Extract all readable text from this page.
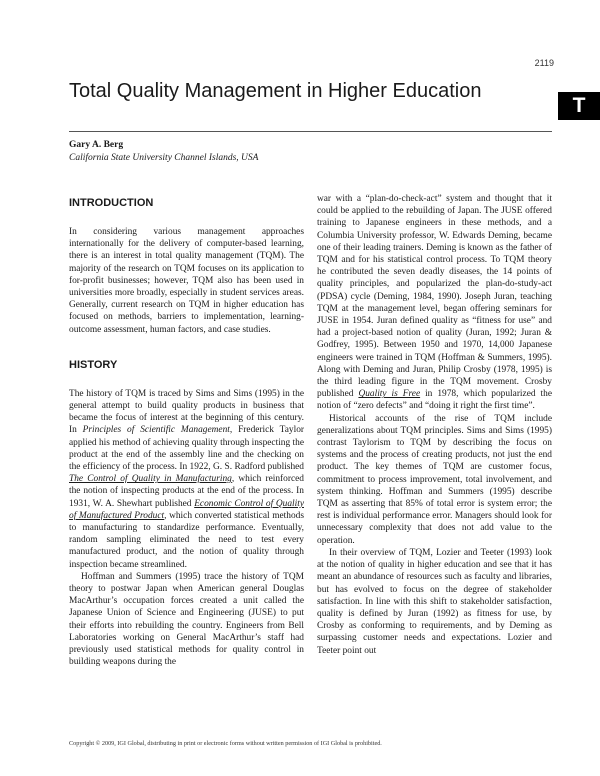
2119
T
Total Quality Management in Higher Education
Gary A. Berg
California State University Channel Islands, USA
INTRODUCTION

In considering various management approaches internationally for the delivery of computer-based learning, there is an interest in total quality management (TQM). The majority of the research on TQM focuses on its application to for-profit businesses; however, TQM also has been used in universities more broadly, especially in student services areas. Generally, current research on TQM in higher education has focused on methods, barriers to implementation, learning-outcome assessment, human factors, and case studies.

HISTORY

The history of TQM is traced by Sims and Sims (1995) in the general attempt to build quality products in business that became the focus of interest at the beginning of this century. In Principles of Scientific Management, Frederick Taylor applied his method of achieving quality through inspecting the product at the end of the assembly line and the checking on the efficiency of the process. In 1922, G. S. Radford published The Control of Quality in Manufacturing, which reinforced the notion of inspecting products at the end of the process. In 1931, W. A. Shewhart published Economic Control of Quality of Manufactured Product, which converted statistical methods to manufacturing to standardize performance. Eventually, random sampling eliminated the need to test every manufactured product, and the notion of quality through inspection became streamlined.

Hoffman and Summers (1995) trace the history of TQM theory to postwar Japan when American general Douglas MacArthur’s occupation forces created a unit called the Japanese Union of Science and Engineering (JUSE) to put their efforts into rebuilding the country. Engineers from Bell Laboratories working on General MacArthur’s staff had previously used statistical methods for quality control in building weapons during the

war with a “plan-do-check-act” system and thought that it could be applied to the rebuilding of Japan. The JUSE offered training to Japanese engineers in these methods, and a Columbia University professor, W. Edwards Deming, became one of their leading trainers. Deming is known as the father of TQM and for his statistical control process. To TQM theory he contributed the seven deadly diseases, the 14 points of quality principles, and popularized the plan-do-study-act (PDSA) cycle (Deming, 1984, 1990). Joseph Juran, teaching TQM at the management level, began offering seminars for JUSE in 1954. Juran defined quality as “fitness for use” and had a project-based notion of quality (Juran, 1992; Juran & Godfrey, 1995). Between 1950 and 1970, 14,000 Japanese engineers were trained in TQM (Hoffman & Summers, 1995). Along with Deming and Juran, Philip Crosby (1978, 1995) is the third leading figure in the TQM movement. Crosby published Quality is Free in 1978, which popularized the notion of “zero defects” and “doing it right the first time”.

Historical accounts of the rise of TQM include generalizations about TQM principles. Sims and Sims (1995) contrast Taylorism to TQM by describing the focus on systems and the process of creating products, not just the end product. The key themes of TQM are customer focus, commitment to process improvement, total involvement, and system thinking. Hoffman and Summers (1995) describe TQM as asserting that 85% of total error is system error; the rest is individual performance error. Managers should look for unnecessary complexity that does not add value to the operation.

In their overview of TQM, Lozier and Teeter (1993) look at the notion of quality in higher education and see that it has meant an abundance of resources such as faculty and libraries, but has evolved to focus on the degree of stakeholder satisfaction. In line with this shift to stakeholder satisfaction, quality is defined by Juran (1992) as fitness for use, by Crosby as conforming to requirements, and by Deming as surpassing customer needs and expectations. Lozier and Teeter point out

Copyright © 2009, IGI Global, distributing in print or electronic forms without written permission of IGI Global is prohibited.
